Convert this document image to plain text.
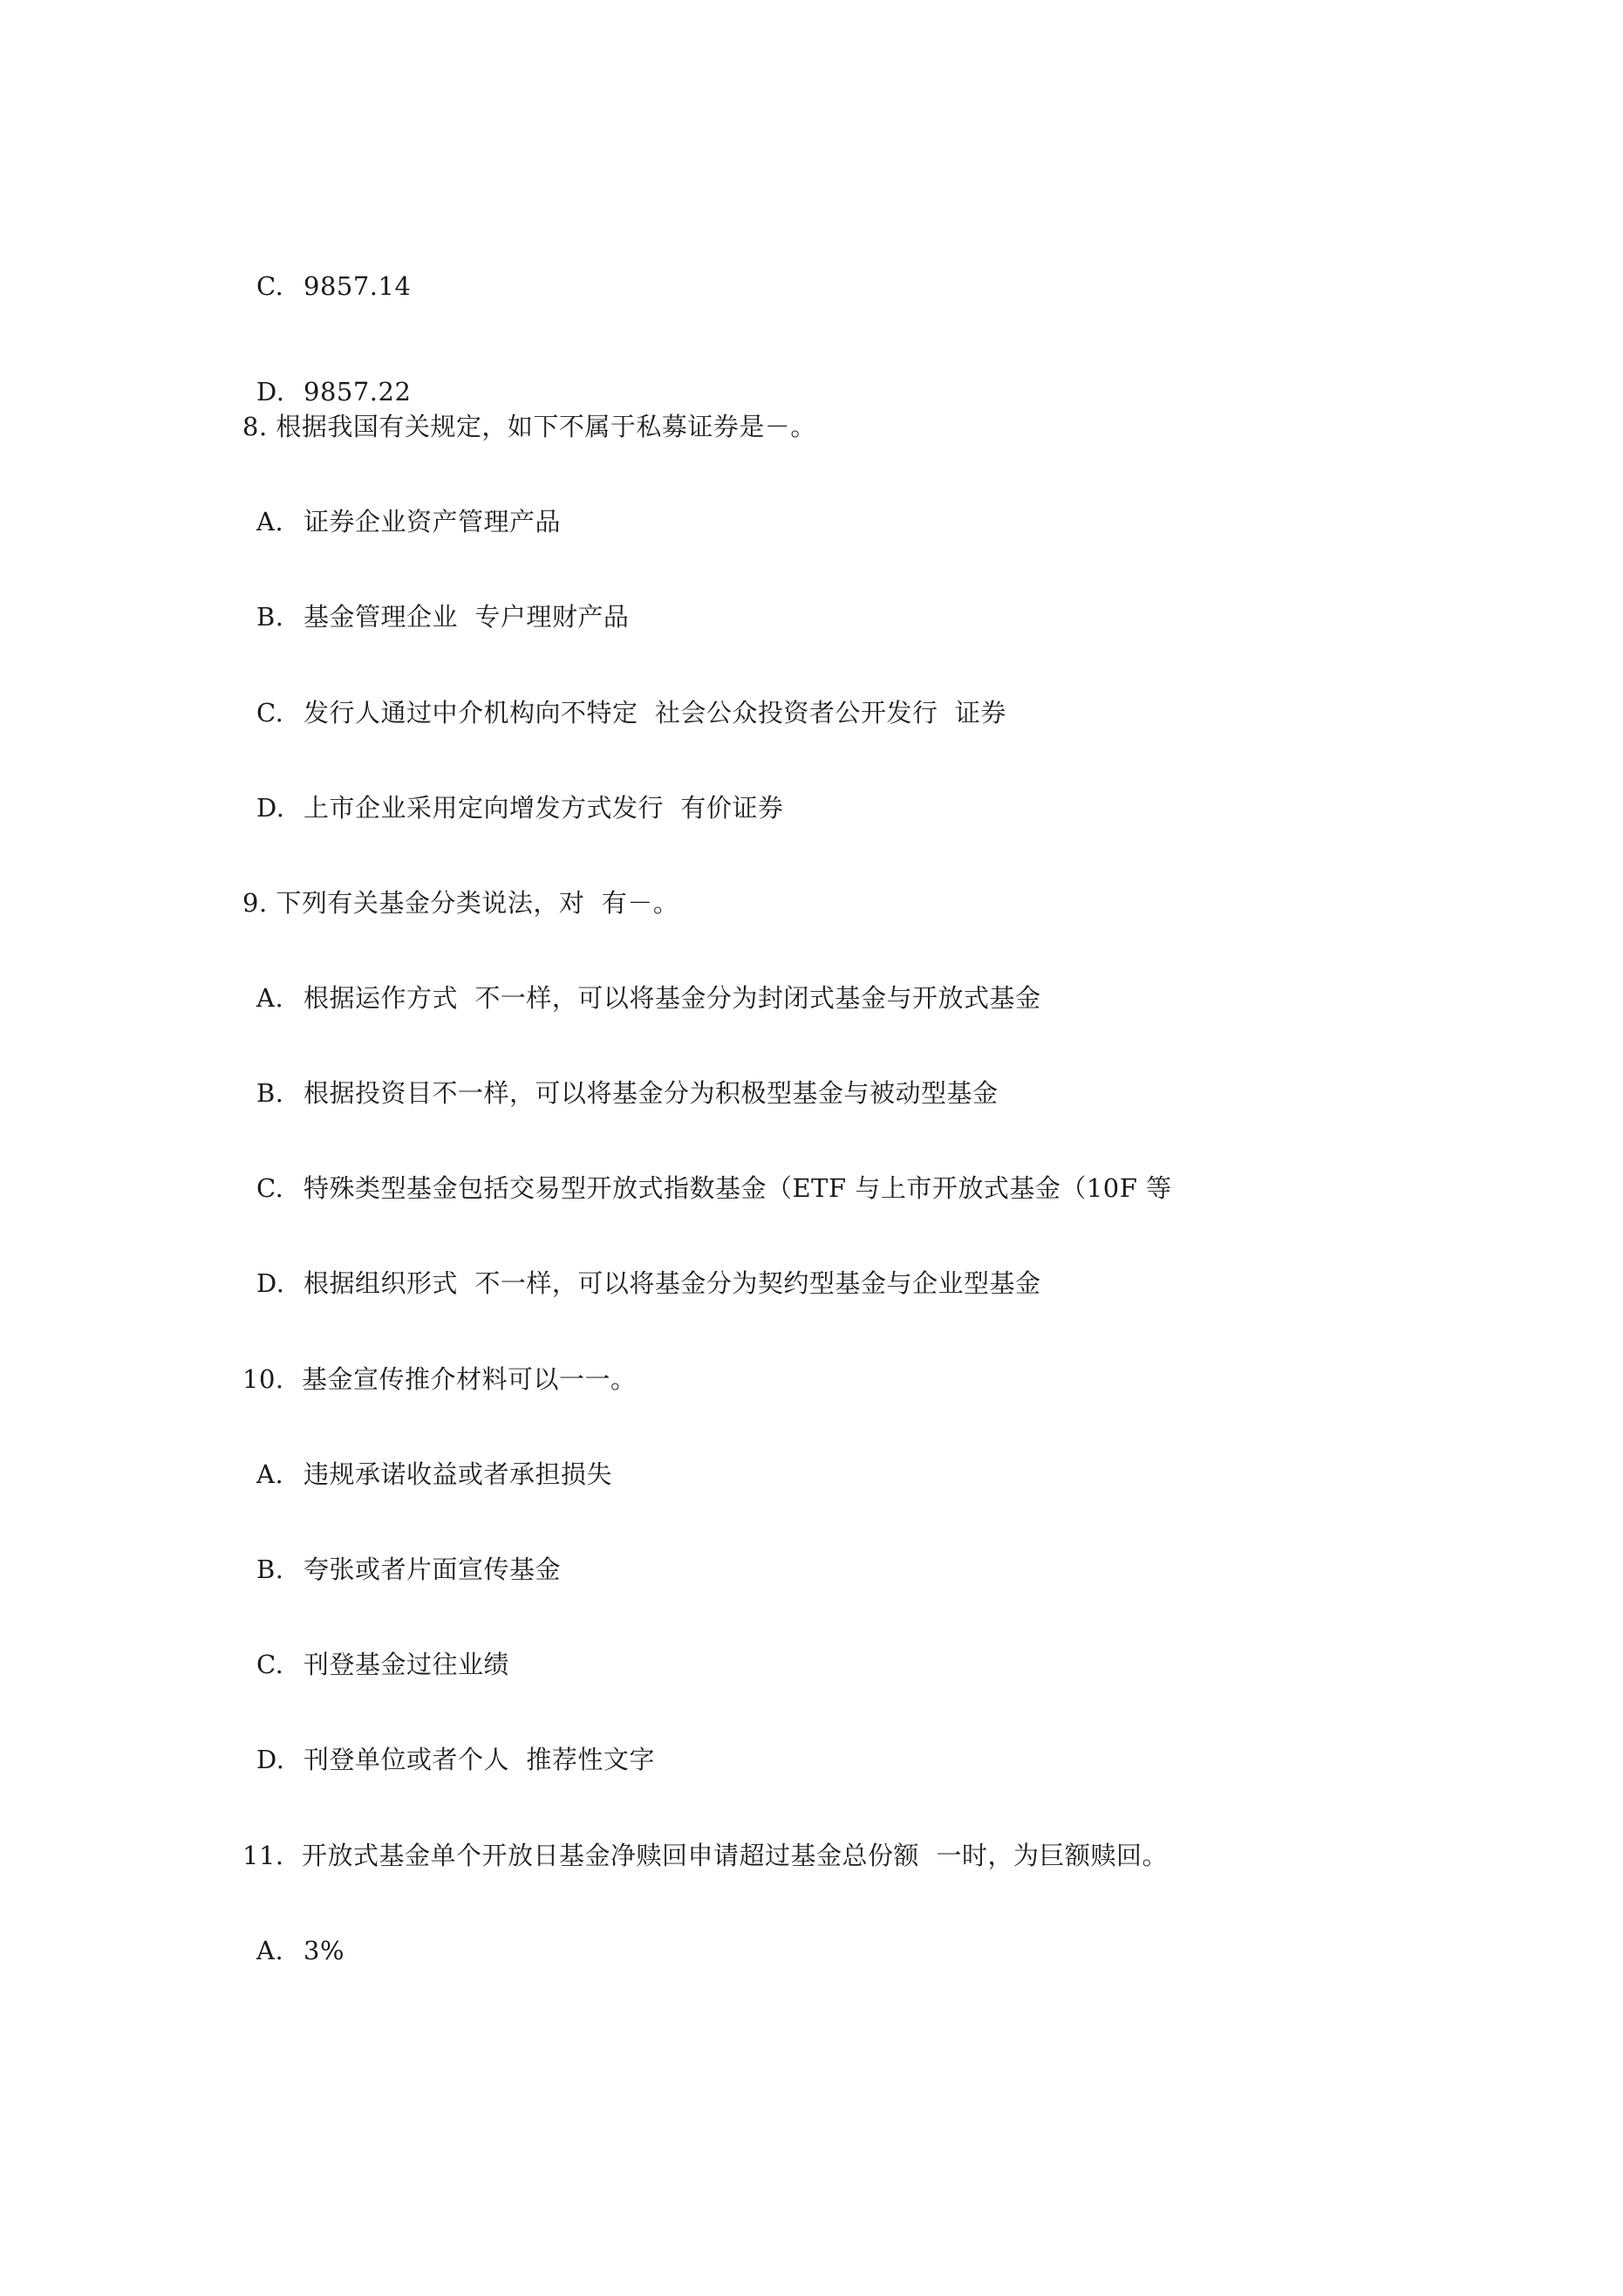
C. 9857.14

D. 9857.22

8. 根据我国有关规定，如下不属于私募证券是－。

A. 证券企业资产管理产品

B. 基金管理企业  专户理财产品

C. 发行人通过中介机构向不特定  社会公众投资者公开发行  证券

D. 上市企业采用定向增发方式发行  有价证券

9. 下列有关基金分类说法，对  有－。

A. 根据运作方式  不一样，可以将基金分为封闭式基金与开放式基金

B. 根据投资目不一样，可以将基金分为积极型基金与被动型基金

C. 特殊类型基金包括交易型开放式指数基金（ETF 与上市开放式基金（10F 等

D. 根据组织形式  不一样，可以将基金分为契约型基金与企业型基金

10. 基金宣传推介材料可以一一。

A. 违规承诺收益或者承担损失

B. 夸张或者片面宣传基金

C. 刊登基金过往业绩

D. 刊登单位或者个人  推荐性文字

11. 开放式基金单个开放日基金净赎回申请超过基金总份额  一时，为巨额赎回。

A. 3%
